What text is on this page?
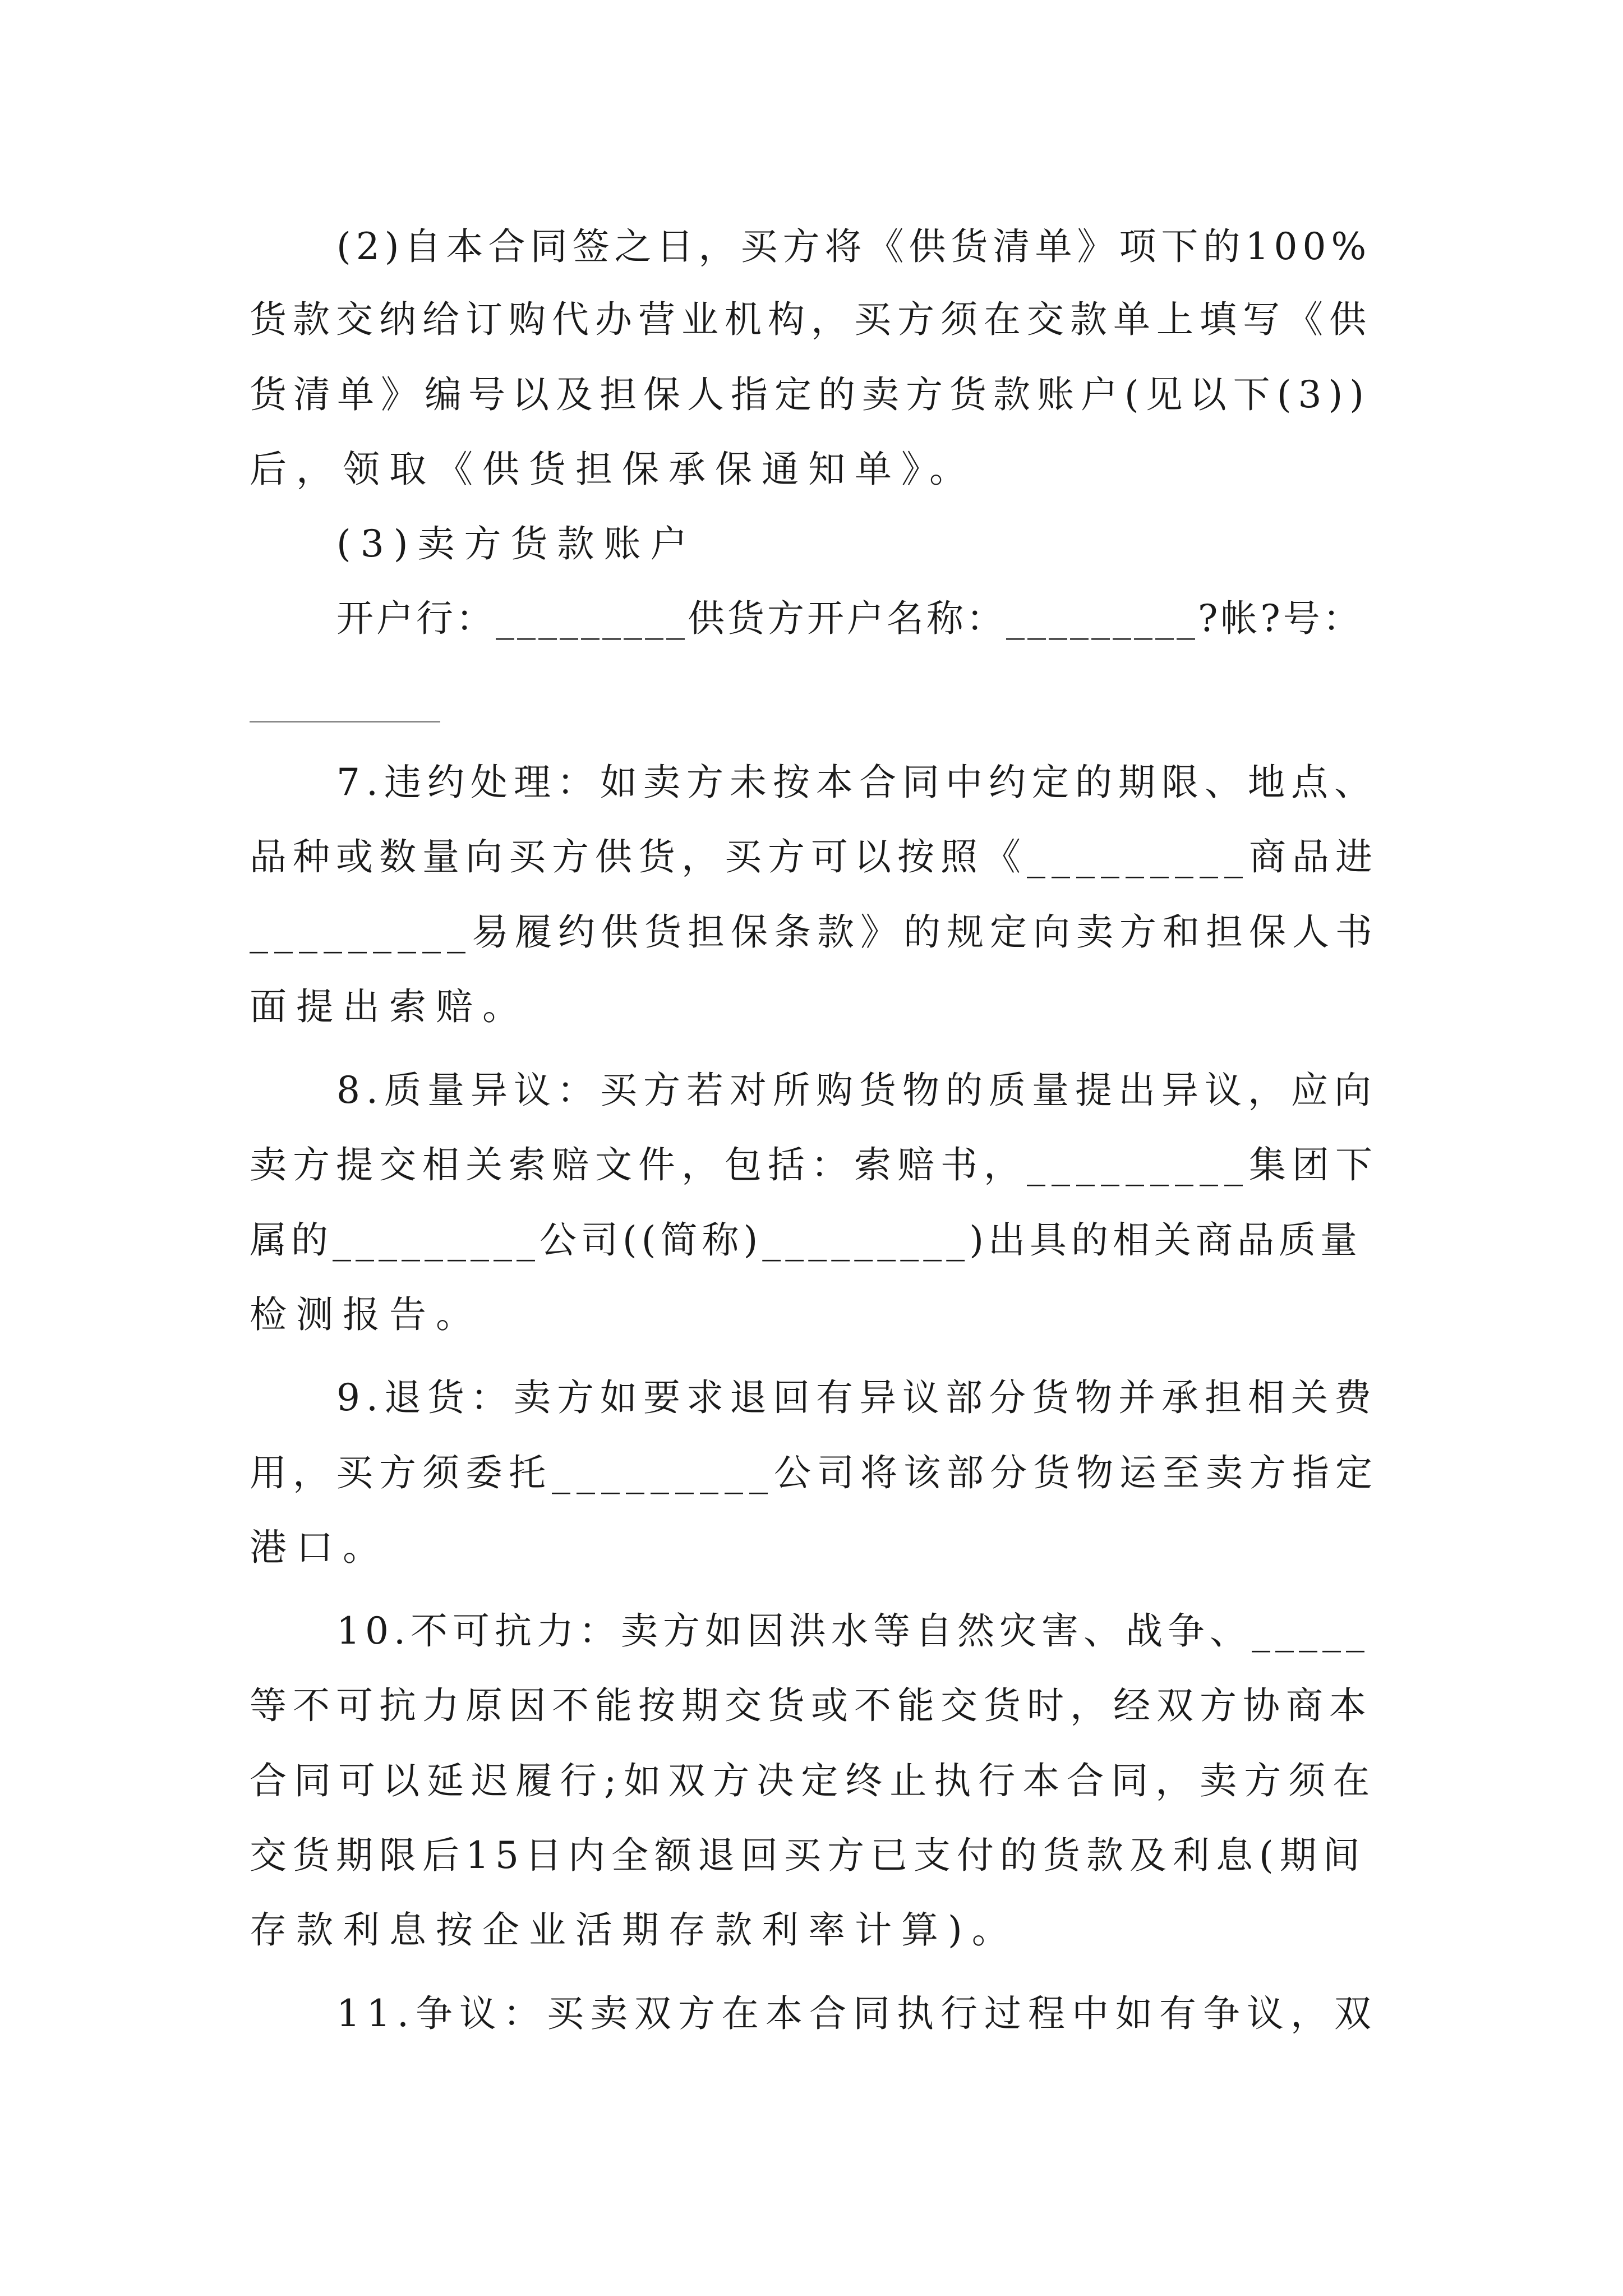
(2)自本合同签之日，买方将《供货清单》项下的100%
货款交纳给订购代办营业机构，买方须在交款单上填写《供
货清单》编号以及担保人指定的卖方货款账户(见以下(3))
后，领取《供货担保承保通知单》。
(3)卖方货款账户
开户行：_________供货方开户名称：_________?帐?号：
7.违约处理：如卖方未按本合同中约定的期限、地点、
品种或数量向买方供货，买方可以按照《_________商品进
_________易履约供货担保条款》的规定向卖方和担保人书
面提出索赔。
8.质量异议：买方若对所购货物的质量提出异议，应向
卖方提交相关索赔文件，包括：索赔书，_________集团下
属的_________公司((简称)_________)出具的相关商品质量
检测报告。
9.退货：卖方如要求退回有异议部分货物并承担相关费
用，买方须委托_________公司将该部分货物运至卖方指定
港口。
10.不可抗力：卖方如因洪水等自然灾害、战争、_____
等不可抗力原因不能按期交货或不能交货时，经双方协商本
合同可以延迟履行;如双方决定终止执行本合同，卖方须在
交货期限后15日内全额退回买方已支付的货款及利息(期间
存款利息按企业活期存款利率计算)。
11.争议：买卖双方在本合同执行过程中如有争议，双
